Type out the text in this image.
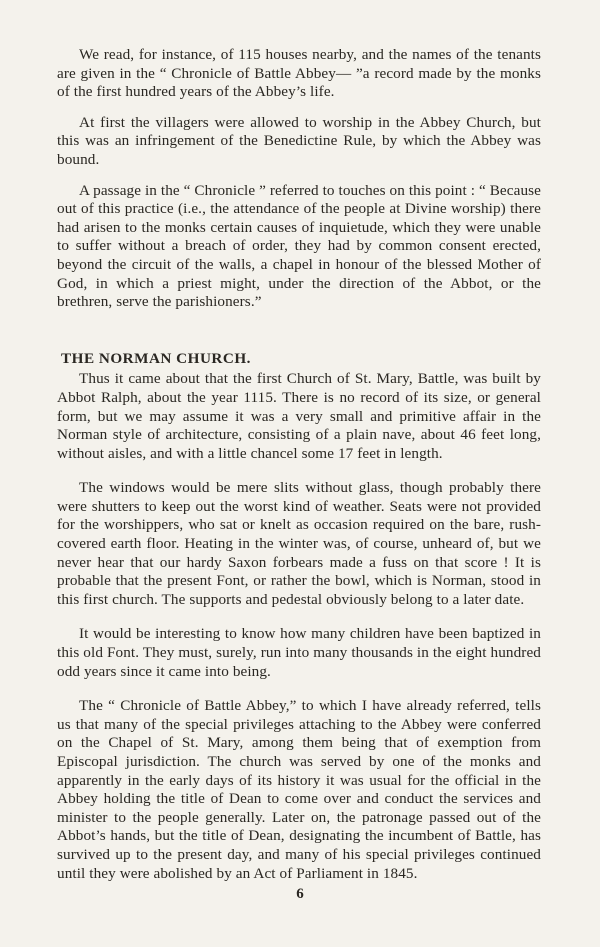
We read, for instance, of 115 houses nearby, and the names of the tenants are given in the “ Chronicle of Battle Abbey— ”a record made by the monks of the first hundred years of the Abbey’s life.

At first the villagers were allowed to worship in the Abbey Church, but this was an infringement of the Benedictine Rule, by which the Abbey was bound.

A passage in the “ Chronicle ” referred to touches on this point : “ Because out of this practice (i.e., the attendance of the people at Divine worship) there had arisen to the monks certain causes of inquietude, which they were unable to suffer without a breach of order, they had by common consent erected, beyond the circuit of the walls, a chapel in honour of the blessed Mother of God, in which a priest might, under the direction of the Abbot, or the brethren, serve the parishioners.”

THE NORMAN CHURCH.

Thus it came about that the first Church of St. Mary, Battle, was built by Abbot Ralph, about the year 1115. There is no record of its size, or general form, but we may assume it was a very small and primitive affair in the Norman style of architecture, consisting of a plain nave, about 46 feet long, without aisles, and with a little chancel some 17 feet in length.

The windows would be mere slits without glass, though probably there were shutters to keep out the worst kind of weather. Seats were not provided for the worshippers, who sat or knelt as occasion required on the bare, rush-covered earth floor. Heating in the winter was, of course, unheard of, but we never hear that our hardy Saxon forbears made a fuss on that score ! It is probable that the present Font, or rather the bowl, which is Norman, stood in this first church. The supports and pedestal obviously belong to a later date.

It would be interesting to know how many children have been baptized in this old Font. They must, surely, run into many thousands in the eight hundred odd years since it came into being.

The “ Chronicle of Battle Abbey,” to which I have already referred, tells us that many of the special privileges attaching to the Abbey were conferred on the Chapel of St. Mary, among them being that of exemption from Episcopal jurisdiction. The church was served by one of the monks and apparently in the early days of its history it was usual for the official in the Abbey holding the title of Dean to come over and conduct the services and minister to the people generally. Later on, the patronage passed out of the Abbot’s hands, but the title of Dean, designating the incumbent of Battle, has survived up to the present day, and many of his special privileges continued until they were abolished by an Act of Parliament in 1845.

6
